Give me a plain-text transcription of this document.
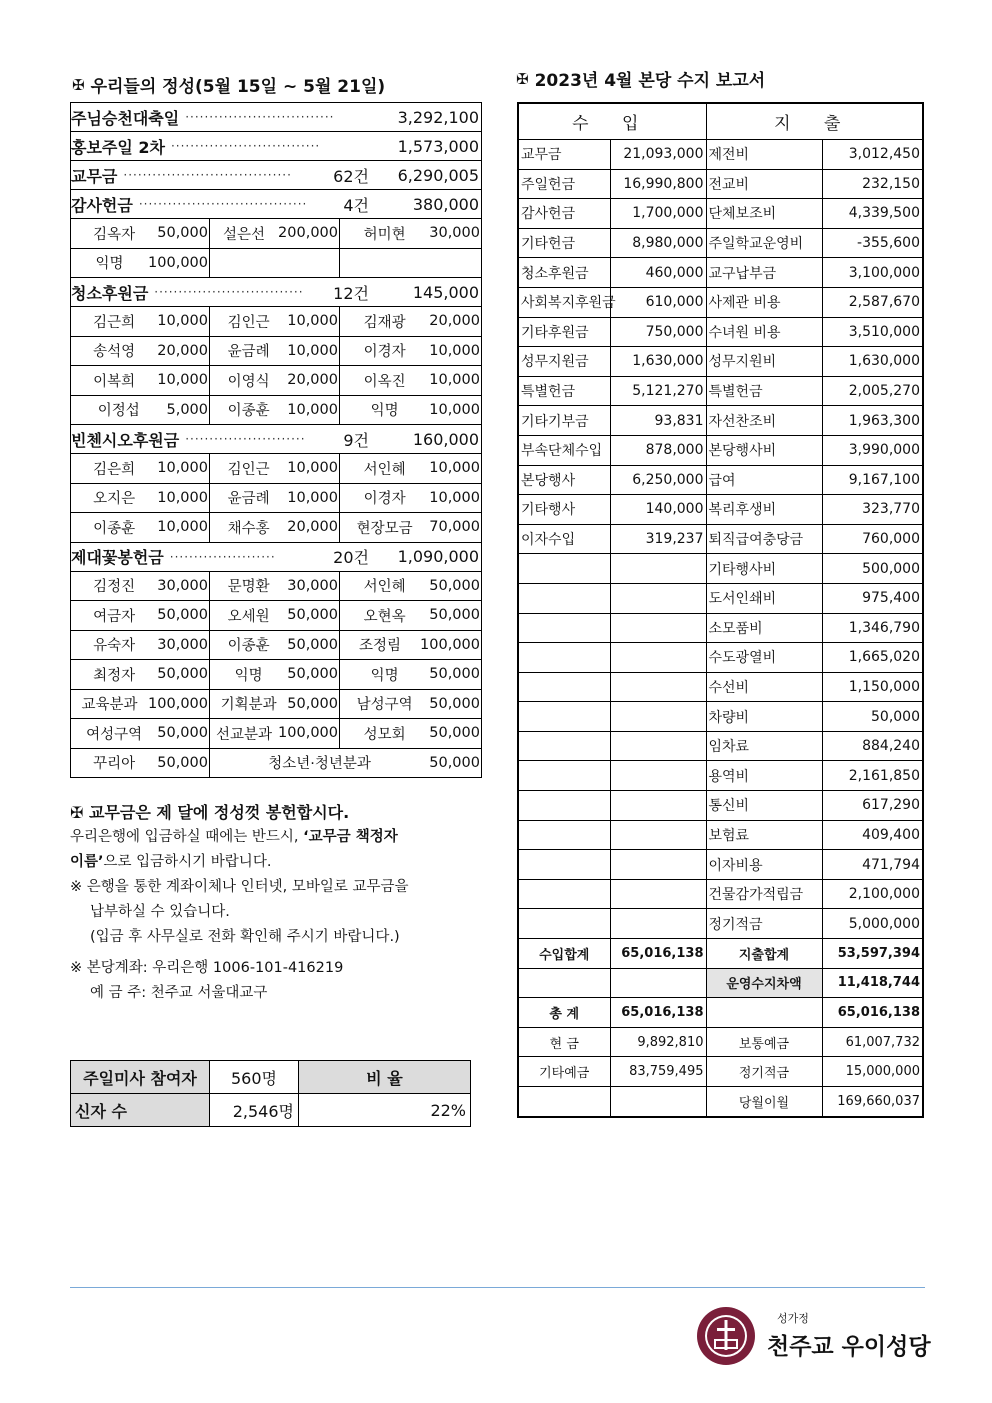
✠ 우리들의 정성(5월 15일 ~ 5월 21일)
주님승천대축일 ·······························	3,292,100
홍보주일 2차 ·······························	1,573,000
교무금 ···································	62건	6,290,005
감사헌금 ···································	4건	380,000
김옥자	50,000	설은선 200,000	허미현	30,000
익명	100,000
청소후원금 ·······························	12건	145,000
김근희	10,000	김인근	10,000	김재광	20,000
송석영	20,000	윤금례	10,000	이경자	10,000
이복희	10,000	이영식	20,000	이옥진	10,000
이정섭	5,000	이종훈	10,000	익명	10,000
빈첸시오후원금 ·························	9건	160,000
김은희	10,000	김인근	10,000	서인혜	10,000
오지은	10,000	윤금례	10,000	이경자	10,000
이종훈	10,000	채수홍	20,000	현장모금	70,000
제대꽃봉헌금 ······················	20건	1,090,000
김정진	30,000	문명환	30,000	서인혜	50,000
여금자	50,000	오세원	50,000	오현옥	50,000
유숙자	30,000	이종훈	50,000	조정림	100,000
최정자	50,000	익명	50,000	익명	50,000
교육분과 100,000 기획분과 50,000	남성구역	50,000
여성구역	50,000 선교분과 100,000	성모회	50,000
꾸리아	50,000	청소년·청년분과	50,000
✠ 교무금은 제 달에 정성껏 봉헌합시다.
우리은행에 입금하실 때에는 반드시, ‘교무금 책정자
이름’으로 입금하시기 바랍니다.
※ 은행을 통한 계좌이체나 인터넷, 모바일로 교무금을
납부하실 수 있습니다.
(입금 후 사무실로 전화 확인해 주시기 바랍니다.)
※ 본당계좌: 우리은행 1006-101-416219
예 금 주: 천주교 서울대교구
주일미사 참여자	560명	비 율
신자 수	2,546명	22%
✠ 2023년 4월 본당 수지 보고서
수 입		지 출	
교무금	21,093,000	제전비	3,012,450
주일헌금	16,990,800	전교비	232,150
감사헌금	1,700,000	단체보조비	4,339,500
기타헌금	8,980,000	주일학교운영비	-355,600
청소후원금	460,000	교구납부금	3,100,000
사회복지후원금	610,000	사제관 비용	2,587,670
기타후원금	750,000	수녀원 비용	3,510,000
성무지원금	1,630,000	성무지원비	1,630,000
특별헌금	5,121,270	특별헌금	2,005,270
기타기부금	93,831	자선찬조비	1,963,300
부속단체수입	878,000	본당행사비	3,990,000
본당행사	6,250,000	급여	9,167,100
기타행사	140,000	복리후생비	323,770
이자수입	319,237	퇴직급여충당금	760,000
		기타행사비	500,000
		도서인쇄비	975,400
		소모품비	1,346,790
		수도광열비	1,665,020
		수선비	1,150,000
		차량비	50,000
		임차료	884,240
		용역비	2,161,850
		통신비	617,290
		보험료	409,400
		이자비용	471,794
		건물감가적립금	2,100,000
		정기적금	5,000,000
수입합계	65,016,138	지출합계	53,597,394
		운영수지차액	11,418,744
총 계	65,016,138		65,016,138
현 금	9,892,810	보통예금	61,007,732
기타예금	83,759,495	정기적금	15,000,000
		당월이월	169,660,037
성가정
천주교 우이성당
